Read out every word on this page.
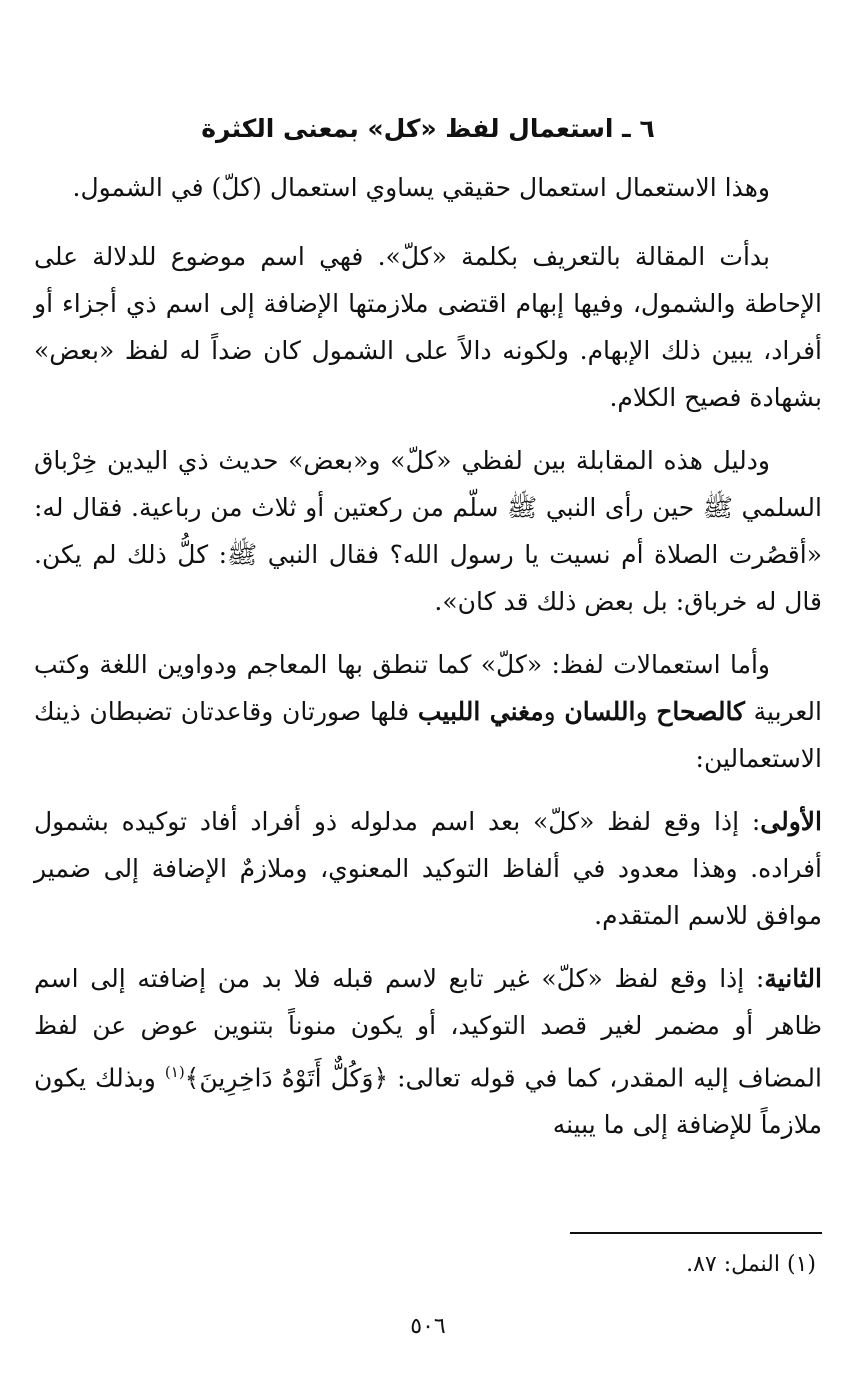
٦ ـ استعمال لفظ «كل» بمعنى الكثرة

وهذا الاستعمال استعمال حقيقي يساوي استعمال (كلّ) في الشمول.

بدأت المقالة بالتعريف بكلمة «كلّ». فهي اسم موضوع للدلالة على الإحاطة والشمول، وفيها إبهام اقتضى ملازمتها الإضافة إلى اسم ذي أجزاء أو أفراد، يبين ذلك الإبهام. ولكونه دالاً على الشمول كان ضداً له لفظ «بعض» بشهادة فصيح الكلام.

ودليل هذه المقابلة بين لفظي «كلّ» و«بعض» حديث ذي اليدين خِرْباق السلمي ﷺ حين رأى النبي ﷺ سلّم من ركعتين أو ثلاث من رباعية. فقال له: «أقصُرت الصلاة أم نسيت يا رسول الله؟ فقال النبي ﷺ: كلُّ ذلك لم يكن. قال له خرباق: بل بعض ذلك قد كان».

وأما استعمالات لفظ: «كلّ» كما تنطق بها المعاجم ودواوين اللغة وكتب العربية كالصحاح واللسان ومغني اللبيب فلها صورتان وقاعدتان تضبطان ذينك الاستعمالين:

الأولى: إذا وقع لفظ «كلّ» بعد اسم مدلوله ذو أفراد أفاد توكيده بشمول أفراده. وهذا معدود في ألفاظ التوكيد المعنوي، وملازمٌ الإضافة إلى ضمير موافق للاسم المتقدم.

الثانية: إذا وقع لفظ «كلّ» غير تابع لاسم قبله فلا بد من إضافته إلى اسم ظاهر أو مضمر لغير قصد التوكيد، أو يكون منوناً بتنوين عوض عن لفظ المضاف إليه المقدر، كما في قوله تعالى: ﴿وَكُلٌّ أَتَوْهُ دَاخِرِينَ﴾$^{(١)}$ وبذلك يكون ملازماً للإضافة إلى ما يبينه

(١) النمل: ٨٧.

٥٠٦
